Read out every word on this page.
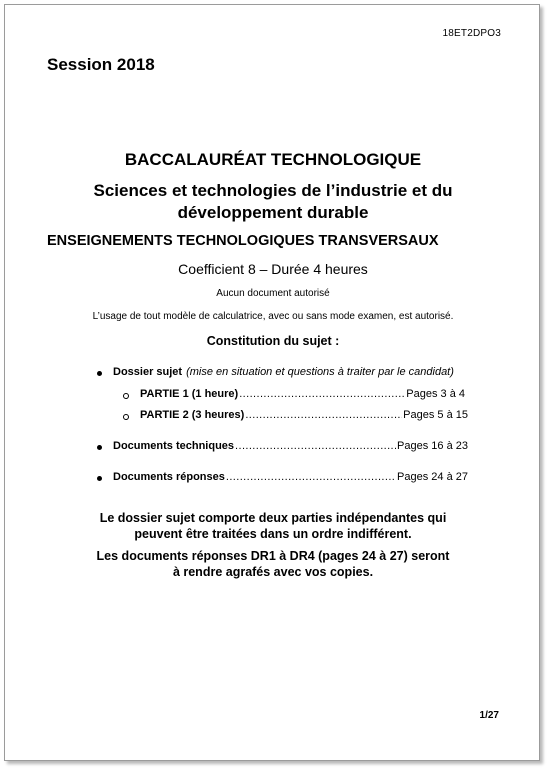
18ET2DPO3
Session 2018
BACCALAURÉAT TECHNOLOGIQUE
Sciences et technologies de l’industrie et du
développement durable
ENSEIGNEMENTS TECHNOLOGIQUES TRANSVERSAUX
Coefficient 8 – Durée 4 heures
Aucun document autorisé
L’usage de tout modèle de calculatrice, avec ou sans mode examen, est autorisé.
Constitution du sujet :
Dossier sujet (mise en situation et questions à traiter par le candidat)
PARTIE 1 (1 heure) .....	Pages 3 à 4
PARTIE 2 (3 heures) .....	Pages 5 à 15
Documents techniques .....	Pages 16 à 23
Documents réponses .....	Pages 24 à 27
Le dossier sujet comporte deux parties indépendantes qui
peuvent être traitées dans un ordre indifférent.
Les documents réponses DR1 à DR4 (pages 24 à 27) seront
à rendre agrafés avec vos copies.
1/27
